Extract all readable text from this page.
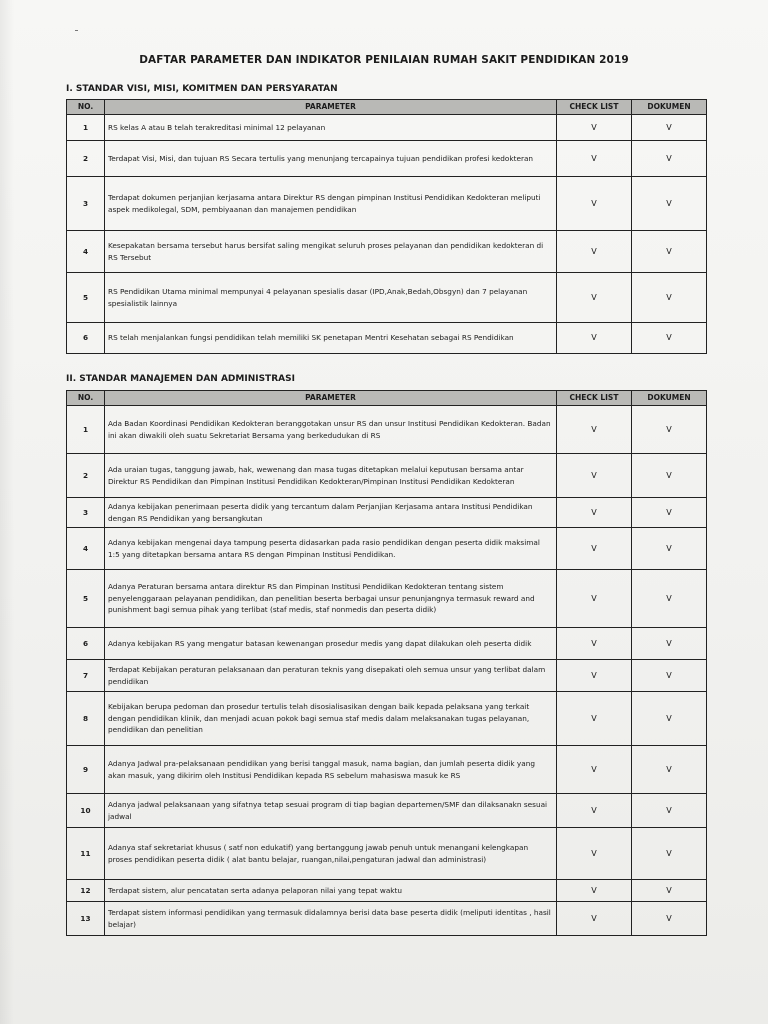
DAFTAR PARAMETER DAN INDIKATOR PENILAIAN RUMAH SAKIT PENDIDIKAN 2019
I. STANDAR VISI, MISI, KOMITMEN DAN PERSYARATAN
NO.	PARAMETER	CHECK LIST	DOKUMEN
1	RS kelas A atau B telah terakreditasi minimal 12 pelayanan	V	V
2	Terdapat Visi, Misi, dan tujuan RS Secara tertulis yang menunjang tercapainya tujuan pendidikan profesi kedokteran	V	V
3	Terdapat dokumen perjanjian kerjasama antara Direktur RS dengan pimpinan Institusi Pendidikan Kedokteran meliputi aspek medikolegal, SDM, pembiyaanan dan manajemen pendidikan	V	V
4	Kesepakatan bersama tersebut harus bersifat saling mengikat seluruh proses pelayanan dan pendidikan kedokteran di RS Tersebut	V	V
5	RS Pendidikan Utama minimal mempunyai 4 pelayanan spesialis dasar (IPD,Anak,Bedah,Obsgyn) dan 7 pelayanan spesialistik lainnya	V	V
6	RS telah menjalankan fungsi pendidikan telah memiliki SK penetapan Mentri Kesehatan sebagai RS Pendidikan	V	V
II. STANDAR MANAJEMEN DAN ADMINISTRASI
NO.	PARAMETER	CHECK LIST	DOKUMEN
1	Ada Badan Koordinasi Pendidikan Kedokteran beranggotakan unsur RS dan unsur Institusi Pendidikan Kedokteran. Badan ini akan diwakili oleh suatu Sekretariat Bersama yang berkedudukan di RS	V	V
2	Ada uraian tugas, tanggung jawab, hak, wewenang dan masa tugas ditetapkan melalui keputusan bersama antar Direktur RS Pendidikan dan Pimpinan Institusi Pendidikan Kedokteran/Pimpinan Institusi Pendidikan Kedokteran	V	V
3	Adanya kebijakan penerimaan peserta didik yang tercantum dalam Perjanjian Kerjasama antara Institusi Pendidikan dengan RS Pendidikan yang bersangkutan	V	V
4	Adanya kebijakan mengenai daya tampung peserta didasarkan pada rasio pendidikan dengan peserta didik maksimal 1:5 yang ditetapkan bersama antara RS dengan Pimpinan Institusi Pendidikan.	V	V
5	Adanya Peraturan bersama antara direktur RS dan Pimpinan Institusi Pendidikan Kedokteran tentang sistem penyelenggaraan pelayanan pendidikan, dan penelitian beserta berbagai unsur penunjangnya termasuk reward and punishment bagi semua pihak yang terlibat (staf medis, staf nonmedis dan peserta didik)	V	V
6	Adanya kebijakan RS yang mengatur batasan kewenangan prosedur medis yang dapat dilakukan oleh peserta didik	V	V
7	Terdapat Kebijakan peraturan pelaksanaan dan peraturan teknis yang disepakati oleh semua unsur yang terlibat dalam pendidikan	V	V
8	Kebijakan berupa pedoman dan prosedur tertulis telah disosialisasikan dengan baik kepada pelaksana yang terkait dengan pendidikan klinik, dan menjadi acuan pokok bagi semua staf medis dalam melaksanakan tugas pelayanan, pendidikan dan penelitian	V	V
9	Adanya Jadwal pra-pelaksanaan pendidikan yang berisi tanggal masuk, nama bagian, dan jumlah peserta didik yang akan masuk, yang dikirim oleh Institusi Pendidikan kepada RS sebelum mahasiswa masuk ke RS	V	V
10	Adanya jadwal pelaksanaan yang sifatnya tetap sesuai program di tiap bagian departemen/SMF dan dilaksanakn sesuai jadwal	V	V
11	Adanya staf sekretariat khusus ( satf non edukatif) yang bertanggung jawab penuh untuk menangani kelengkapan proses pendidikan peserta didik ( alat bantu belajar, ruangan,nilai,pengaturan jadwal dan administrasi)	V	V
12	Terdapat sistem, alur pencatatan serta adanya pelaporan nilai yang tepat waktu	V	V
13	Terdapat sistem informasi pendidikan yang termasuk didalamnya berisi data base peserta didik (meliputi identitas , hasil belajar)	V	V
